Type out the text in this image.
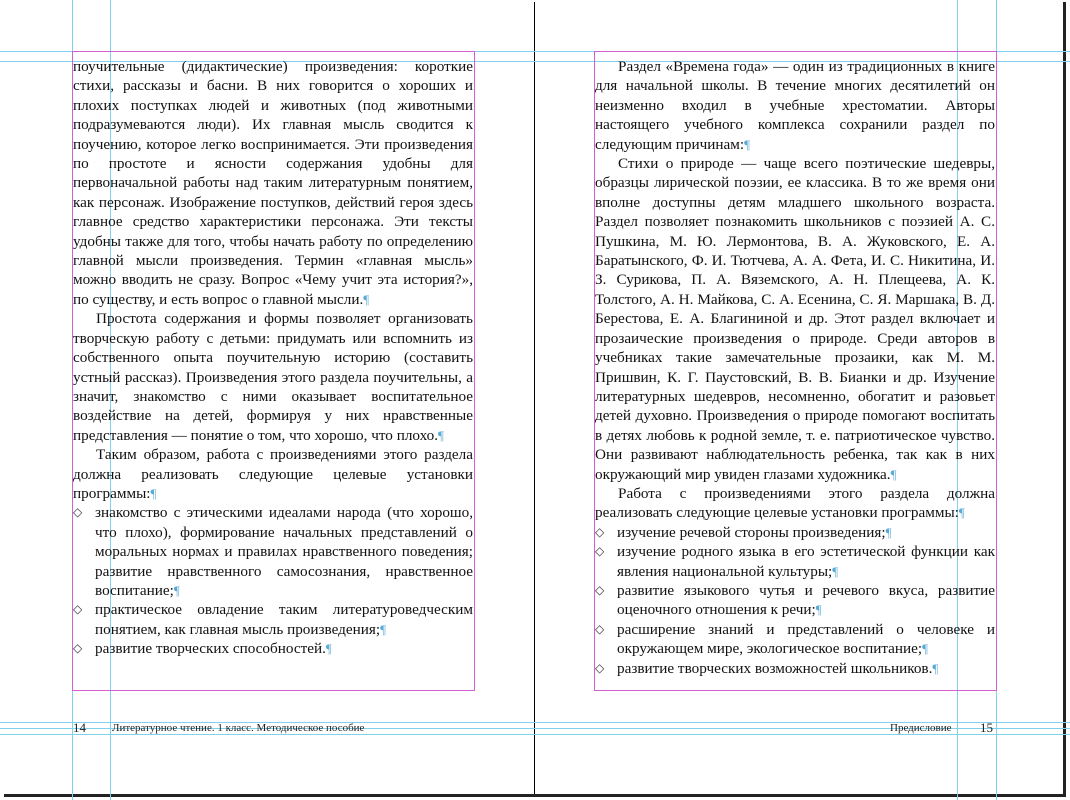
поучительные (дидактические) произведения: короткие стихи, рассказы и басни. В них говорится о хороших и плохих поступках людей и животных (под животными подразумеваются люди). Их главная мысль сводится к поучению, которое легко воспринимается. Эти произведения по простоте и ясности содержания удобны для первоначальной работы над таким литературным понятием, как персонаж. Изображение поступков, действий героя здесь главное средство характеристики персонажа. Эти тексты удобны также для того, чтобы начать работу по определению главной мысли произведения. Термин «главная мысль» можно вводить не сразу. Вопрос «Чему учит эта история?», по существу, и есть вопрос о главной мысли.¶

Простота содержания и формы позволяет организовать творческую работу с детьми: придумать или вспомнить из собственного опыта поучительную историю (составить устный рассказ). Произведения этого раздела поучительны, а значит, знакомство с ними оказывает воспитательное воздействие на детей, формируя у них нравственные представления — понятие о том, что хорошо, что плохо.¶

Таким образом, работа с произведениями этого раздела должна реализовать следующие целевые установки программы:¶

◇ знакомство с этическими идеалами народа (что хорошо, что плохо), формирование начальных представлений о моральных нормах и правилах нравственного поведения; развитие нравственного самосознания, нравственное воспитание;¶
◇ практическое овладение таким литературоведческим понятием, как главная мысль произведения;¶
◇ развитие творческих способностей.¶

Раздел «Времена года» — один из традиционных в книге для начальной школы. В течение многих десятилетий он неизменно входил в учебные хрестоматии. Авторы настоящего учебного комплекса сохранили раздел по следующим причинам:¶

Стихи о природе — чаще всего поэтические шедевры, образцы лирической поэзии, ее классика. В то же время они вполне доступны детям младшего школьного возраста. Раздел позволяет познакомить школьников с поэзией А. С. Пушкина, М. Ю. Лермонтова, В. А. Жуковского, Е. А. Баратынского, Ф. И. Тютчева, А. А. Фета, И. С. Никитина, И. З. Сурикова, П. А. Вяземского, А. Н. Плещеева, А. К. Толстого, А. Н. Майкова, С. А. Есенина, С. Я. Маршака, В. Д. Берестова, Е. А. Благининой и др. Этот раздел включает и прозаические произведения о природе. Среди авторов в учебниках такие замечательные прозаики, как М. М. Пришвин, К. Г. Паустовский, В. В. Бианки и др. Изучение литературных шедевров, несомненно, обогатит и разовьет детей духовно. Произведения о природе помогают воспитать в детях любовь к родной земле, т. е. патриотическое чувство. Они развивают наблюдательность ребенка, так как в них окружающий мир увиден глазами художника.¶

Работа с произведениями этого раздела должна реализовать следующие целевые установки программы:¶

◇ изучение речевой стороны произведения;¶
◇ изучение родного языка в его эстетической функции как явления национальной культуры;¶
◇ развитие языкового чутья и речевого вкуса, развитие оценочного отношения к речи;¶
◇ расширение знаний и представлений о человеке и окружающем мире, экологическое воспитание;¶
◇ развитие творческих возможностей школьников.¶
14 Литературное чтение. 1 класс. Методическое пособие	Предисловие 15
